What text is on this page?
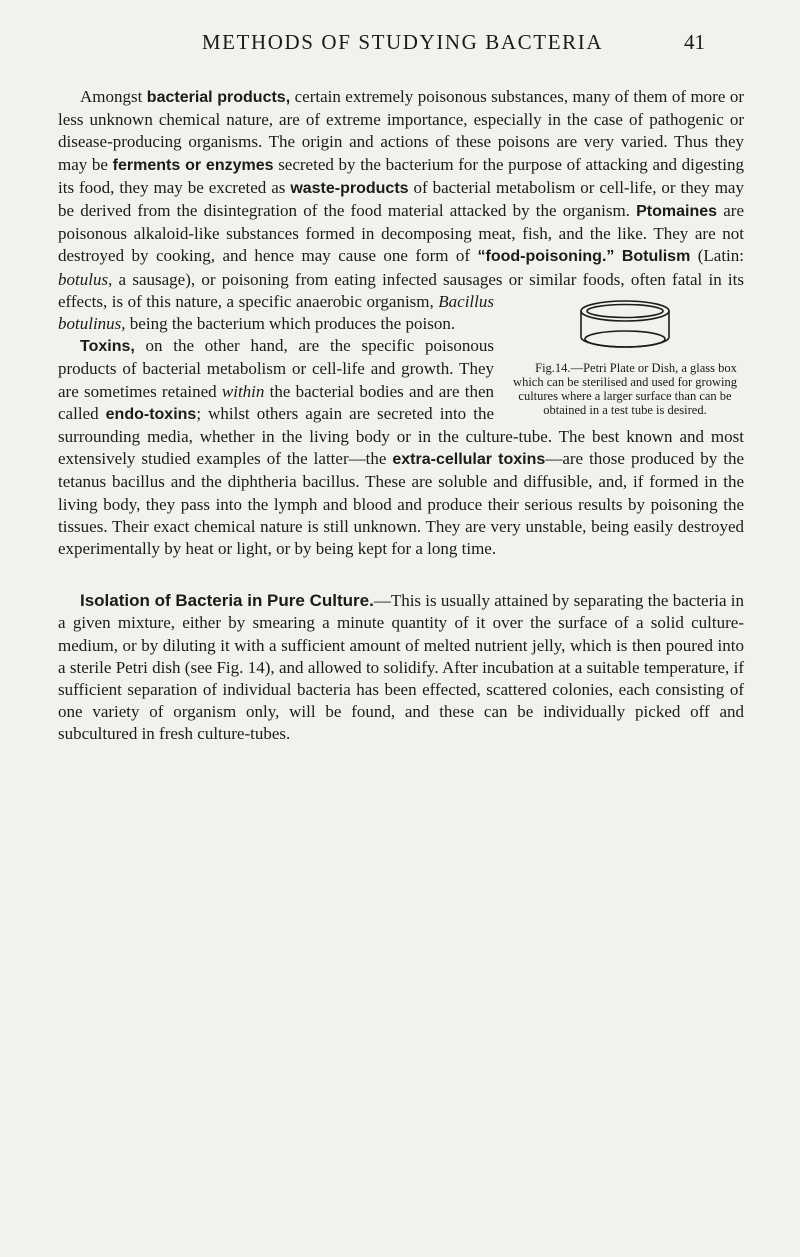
METHODS OF STUDYING BACTERIA	41

Amongst bacterial products, certain extremely poisonous substances, many of them of more or less unknown chemical nature, are of extreme importance, especially in the case of pathogenic or disease-producing organisms. The origin and actions of these poisons are very varied. Thus they may be ferments or enzymes secreted by the bacterium for the purpose of attacking and digesting its food, they may be excreted as waste-products of bacterial metabolism or cell-life, or they may be derived from the disintegration of the food material attacked by the organism. Ptomaines are poisonous alkaloid-like substances formed in decomposing meat, fish, and the like. They are not destroyed by cooking, and hence may cause one form of “food-poisoning.” Botulism (Latin: botulus, a sausage), or poisoning from eating infected sausages or similar foods, often fatal in its effects, is of this nature, a specific anaerobic organism,
Fig.14.—Petri Plate or Dish, a glass box which can be sterilised and used for growing cultures where a larger surface than can be obtained in a test tube is desired.
Bacillus botulinus, being the bacterium which produces the poison.

Toxins, on the other hand, are the specific poisonous products of bacterial metabolism or cell-life and growth. They are sometimes retained within the bacterial bodies and are then called endo-toxins; whilst others again are secreted into the surrounding media, whether in the living body or in the culture-tube. The best known and most extensively studied examples of the latter—the extra-cellular toxins—are those produced by the tetanus bacillus and the diphtheria bacillus. These are soluble and diffusible, and, if formed in the living body, they pass into the lymph and blood and produce their serious results by poisoning the tissues. Their exact chemical nature is still unknown. They are very unstable, being easily destroyed experimentally by heat or light, or by being kept for a long time.

Isolation of Bacteria in Pure Culture.—This is usually attained by separating the bacteria in a given mixture, either by smearing a minute quantity of it over the surface of a solid culture-medium, or by diluting it with a sufficient amount of melted nutrient jelly, which is then poured into a sterile Petri dish (see Fig. 14), and allowed to solidify. After incubation at a suitable temperature, if sufficient separation of individual bacteria has been effected, scattered colonies, each consisting of one variety of organism only, will be found, and these can be individually picked off and subcultured in fresh culture-tubes.
